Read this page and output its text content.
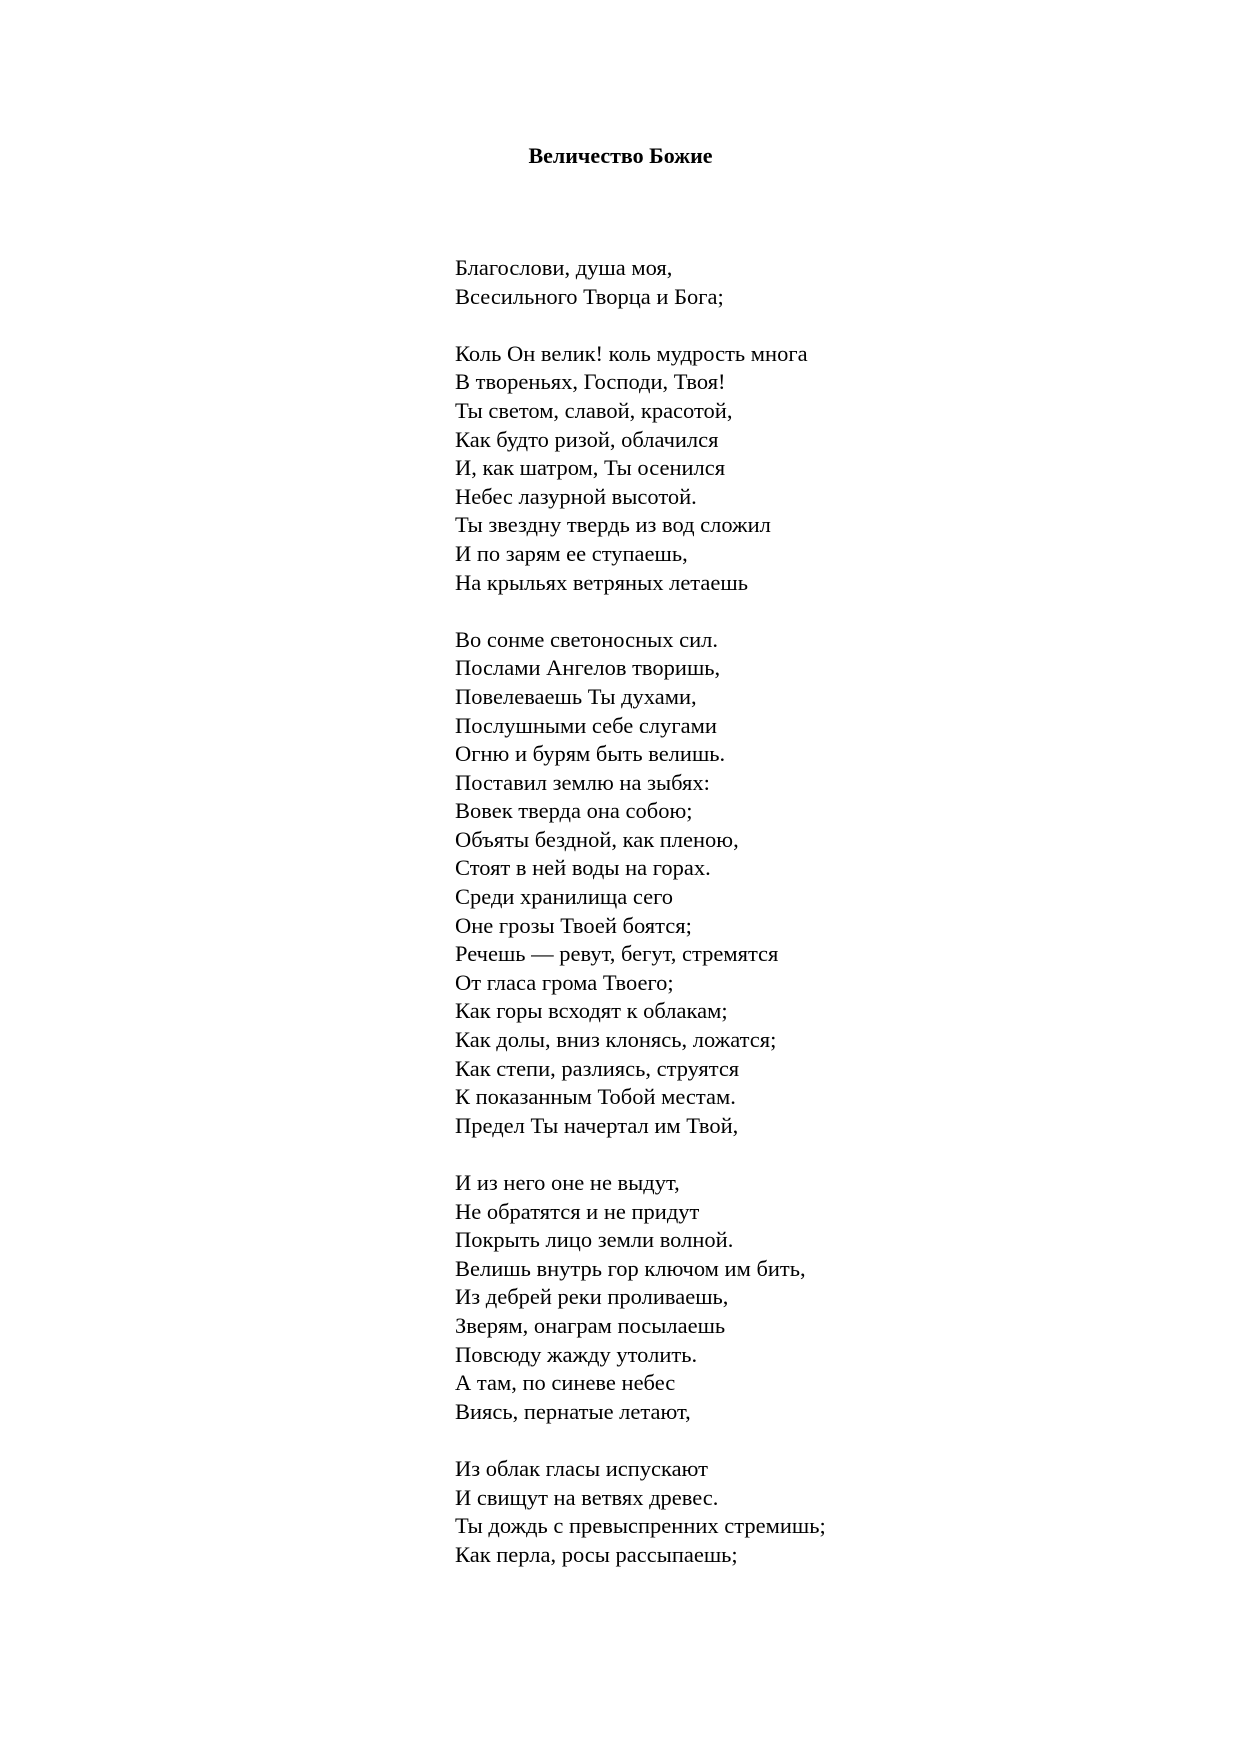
Величество Божие
Благослови, душа моя,
Всесильного Творца и Бога;
Коль Он велик! коль мудрость многа
В твореньях, Господи, Твоя!
Ты светом, славой, красотой,
Как будто ризой, облачился
И, как шатром, Ты осенился
Небес лазурной высотой.
Ты звездну твердь из вод сложил
И по зарям ее ступаешь,
На крыльях ветряных летаешь
Во сонме светоносных сил.
Послами Ангелов творишь,
Повелеваешь Ты духами,
Послушными себе слугами
Огню и бурям быть велишь.
Поставил землю на зыбях:
Вовек тверда она собою;
Объяты бездной, как пленою,
Стоят в ней воды на горах.
Среди хранилища сего
Оне грозы Твоей боятся;
Речешь — ревут, бегут, стремятся
От гласа грома Твоего;
Как горы всходят к облакам;
Как долы, вниз клонясь, ложатся;
Как степи, разлиясь, струятся
К показанным Тобой местам.
Предел Ты начертал им Твой,
И из него оне не выдут,
Не обратятся и не придут
Покрыть лицо земли волной.
Велишь внутрь гор ключом им бить,
Из дебрей реки проливаешь,
Зверям, онаграм посылаешь
Повсюду жажду утолить.
А там, по синеве небес
Виясь, пернатые летают,
Из облак гласы испускают
И свищут на ветвях древес.
Ты дождь с превыспренних стремишь;
Как перла, росы рассыпаешь;
